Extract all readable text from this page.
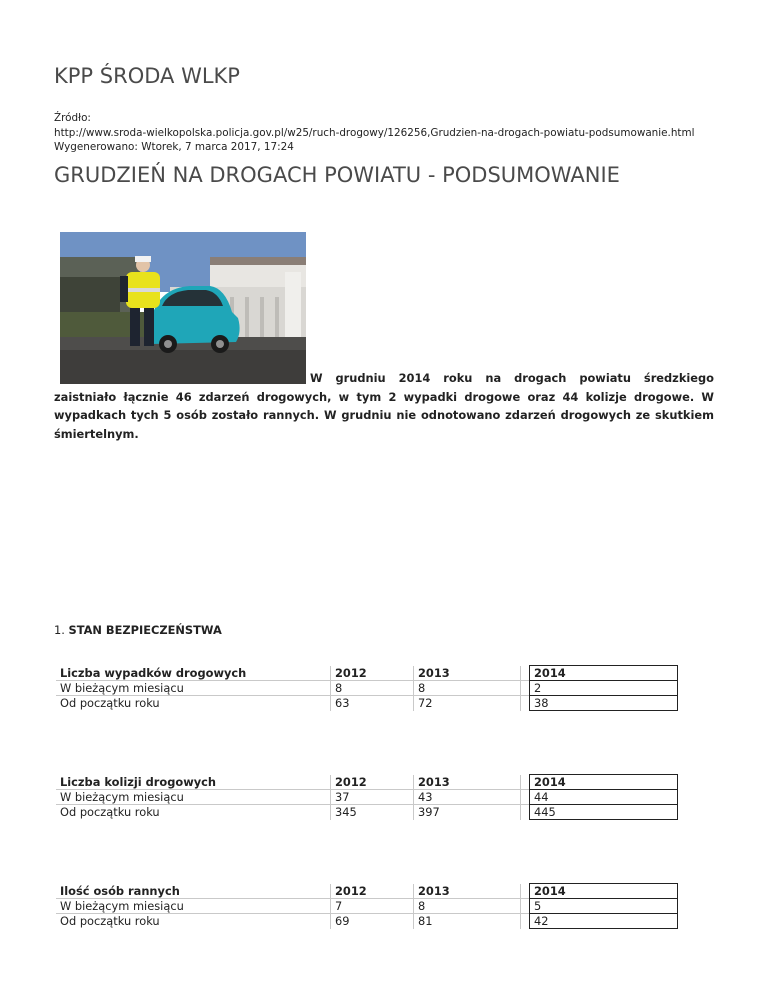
KPP ŚRODA WLKP
Źródło:
http://www.sroda-wielkopolska.policja.gov.pl/w25/ruch-drogowy/126256,Grudzien-na-drogach-powiatu-podsumowanie.html
Wygenerowano: Wtorek, 7 marca 2017, 17:24
GRUDZIEŃ NA DROGACH POWIATU - PODSUMOWANIE

W grudniu 2014 roku na drogach powiatu średzkiego zaistniało łącznie 46 zdarzeń drogowych, w tym 2 wypadki drogowe oraz 44 kolizje drogowe. W wypadkach tych 5 osób zostało rannych. W grudniu nie odnotowano zdarzeń drogowych ze skutkiem śmiertelnym.

1. STAN BEZPIECZEŃSTWA
Liczba wypadków drogowych	2012	2013		2014
W bieżącym miesiącu	8	8		2
Od początku roku	63	72		38
Liczba kolizji drogowych	2012	2013		2014
W bieżącym miesiącu	37	43		44
Od początku roku	345	397		445
Ilość osób rannych	2012	2013		2014
W bieżącym miesiącu	7	8		5
Od początku roku	69	81		42
